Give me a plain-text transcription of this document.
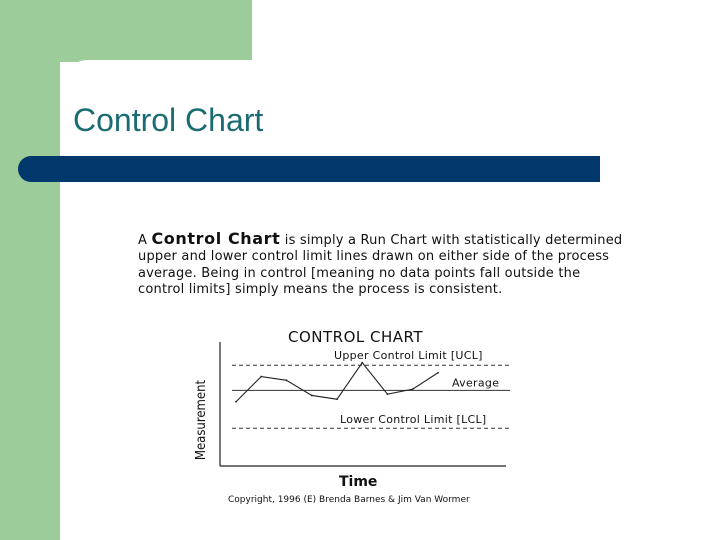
Control Chart

A Control Chart is simply a Run Chart with statistically determined upper and lower control limit lines drawn on either side of the process average. Being in control [meaning no data points fall outside the control limits] simply means the process is consistent.

CONTROL CHART
Upper Control Limit [UCL]
Average
Lower Control Limit [LCL]
Measurement
Time
Copyright, 1996 (E) Brenda Barnes & Jim Van Wormer
